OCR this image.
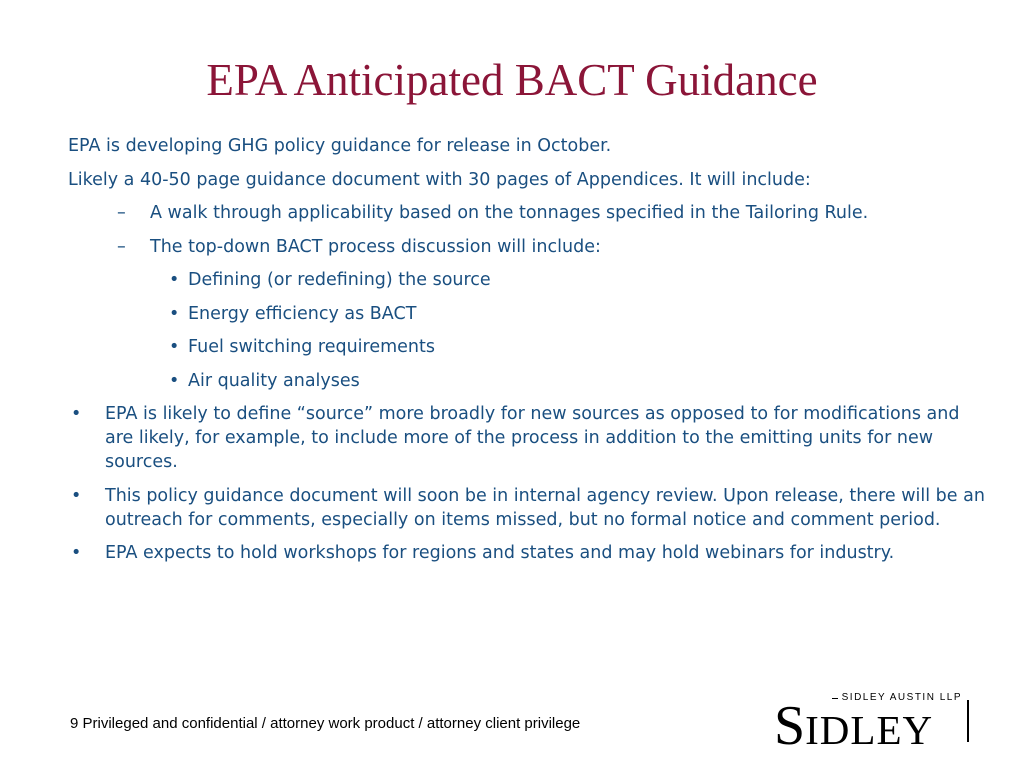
EPA Anticipated BACT Guidance
EPA is developing GHG policy guidance for release in October.
Likely a 40-50 page guidance document with 30 pages of Appendices. It will include:
– A walk through applicability based on the tonnages specified in the Tailoring Rule.
– The top-down BACT process discussion will include:
• Defining (or redefining) the source
• Energy efficiency as BACT
• Fuel switching requirements
• Air quality analyses
• EPA is likely to define “source” more broadly for new sources as opposed to for modifications and are likely, for example, to include more of the process in addition to the emitting units for new sources.
• This policy guidance document will soon be in internal agency review. Upon release, there will be an outreach for comments, especially on items missed, but no formal notice and comment period.
• EPA expects to hold workshops for regions and states and may hold webinars for industry.
9 Privileged and confidential / attorney work product / attorney client privilege
SIDLEY AUSTIN LLP
SIDLEY
